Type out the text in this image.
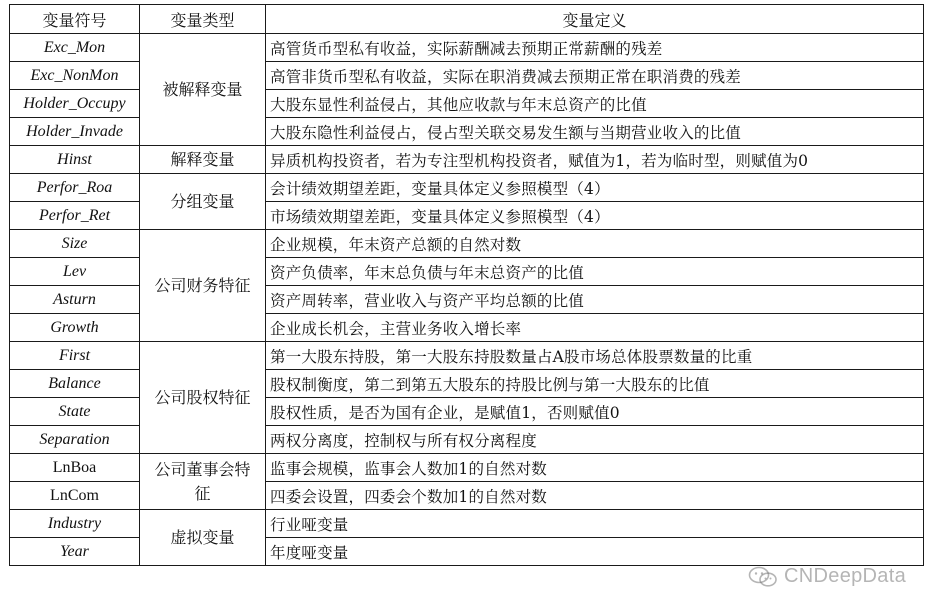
变量符号	变量类型	变量定义
Exc_Mon	被解释变量	高管货币型私有收益，实际薪酬减去预期正常薪酬的残差
Exc_NonMon		高管非货币型私有收益，实际在职消费减去预期正常在职消费的残差
Holder_Occupy		大股东显性利益侵占，其他应收款与年末总资产的比值
Holder_Invade		大股东隐性利益侵占，侵占型关联交易发生额与当期营业收入的比值
Hinst	解释变量	异质机构投资者，若为专注型机构投资者，赋值为1，若为临时型，则赋值为0
Perfor_Roa	分组变量	会计绩效期望差距，变量具体定义参照模型（4）
Perfor_Ret		市场绩效期望差距，变量具体定义参照模型（4）
Size	公司财务特征	企业规模，年末资产总额的自然对数
Lev		资产负债率，年末总负债与年末总资产的比值
Asturn		资产周转率，营业收入与资产平均总额的比值
Growth		企业成长机会，主营业务收入增长率
First	公司股权特征	第一大股东持股，第一大股东持股数量占A股市场总体股票数量的比重
Balance		股权制衡度，第二到第五大股东的持股比例与第一大股东的比值
State		股权性质，是否为国有企业，是赋值1，否则赋值0
Separation		两权分离度，控制权与所有权分离程度
LnBoa	公司董事会特征	监事会规模，监事会人数加1的自然对数
LnCom		四委会设置，四委会个数加1的自然对数
Industry	虚拟变量	行业哑变量
Year		年度哑变量
CNDeepData
